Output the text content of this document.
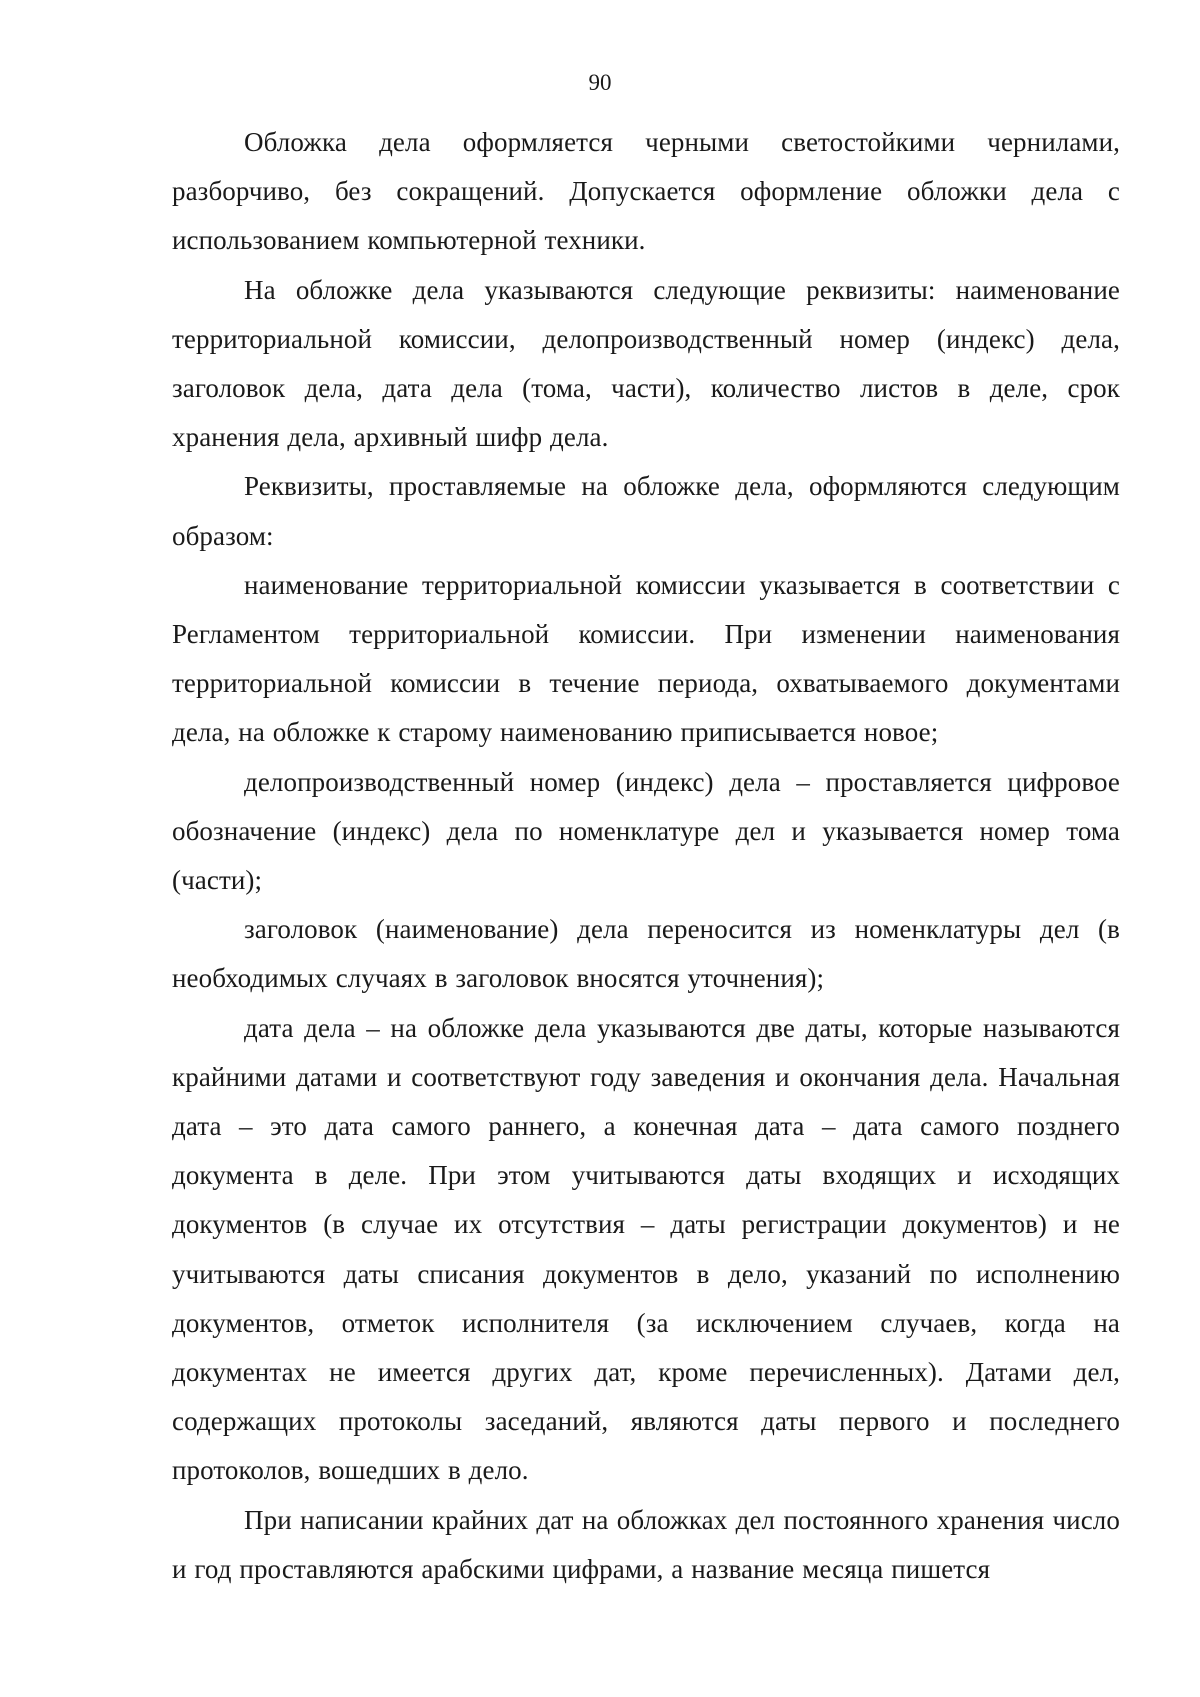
90

Обложка дела оформляется черными светостойкими чернилами, разборчиво, без сокращений. Допускается оформление обложки дела с использованием компьютерной техники.

На обложке дела указываются следующие реквизиты: наименование территориальной комиссии, делопроизводственный номер (индекс) дела, заголовок дела, дата дела (тома, части), количество листов в деле, срок хранения дела, архивный шифр дела.

Реквизиты, проставляемые на обложке дела, оформляются следующим образом:

наименование территориальной комиссии указывается в соответствии с Регламентом территориальной комиссии. При изменении наименования территориальной комиссии в течение периода, охватываемого документами дела, на обложке к старому наименованию приписывается новое;

делопроизводственный номер (индекс) дела – проставляется цифровое обозначение (индекс) дела по номенклатуре дел и указывается номер тома (части);

заголовок (наименование) дела переносится из номенклатуры дел (в необходимых случаях в заголовок вносятся уточнения);

дата дела – на обложке дела указываются две даты, которые называются крайними датами и соответствуют году заведения и окончания дела. Начальная дата – это дата самого раннего, а конечная дата – дата самого позднего документа в деле. При этом учитываются даты входящих и исходящих документов (в случае их отсутствия – даты регистрации документов) и не учитываются даты списания документов в дело, указаний по исполнению документов, отметок исполнителя (за исключением случаев, когда на документах не имеется других дат, кроме перечисленных). Датами дел, содержащих протоколы заседаний, являются даты первого и последнего протоколов, вошедших в дело.

При написании крайних дат на обложках дел постоянного хранения число и год проставляются арабскими цифрами, а название месяца пишется
